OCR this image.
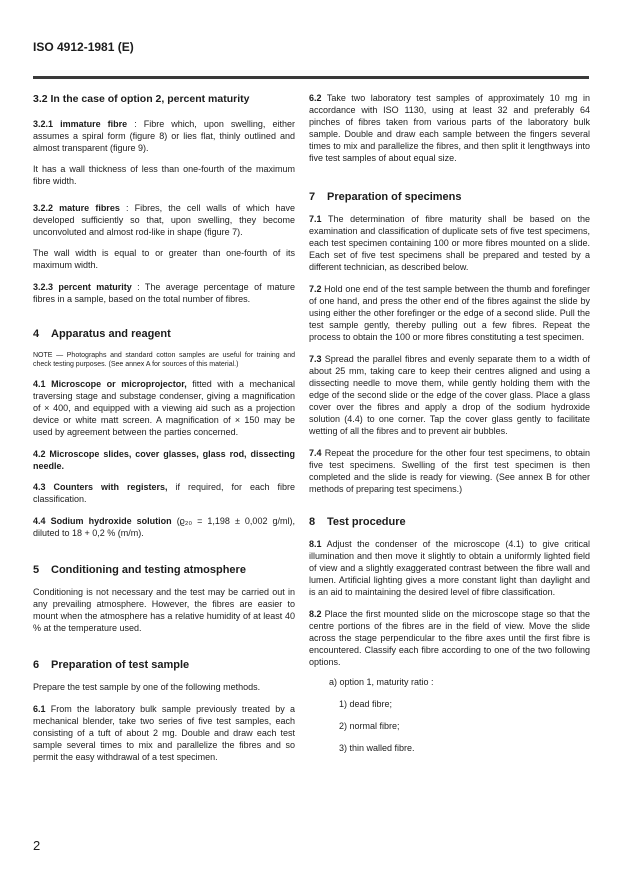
ISO 4912-1981 (E)
3.2 In the case of option 2, percent maturity

3.2.1 immature fibre : Fibre which, upon swelling, either assumes a spiral form (figure 8) or lies flat, thinly outlined and almost transparent (figure 9).

It has a wall thickness of less than one-fourth of the maximum fibre width.

3.2.2 mature fibres : Fibres, the cell walls of which have developed sufficiently so that, upon swelling, they become unconvoluted and almost rod-like in shape (figure 7).

The wall width is equal to or greater than one-fourth of its maximum width.

3.2.3 percent maturity : The average percentage of mature fibres in a sample, based on the total number of fibres.

4 Apparatus and reagent

NOTE — Photographs and standard cotton samples are useful for training and check testing purposes. (See annex A for sources of this material.)

4.1 Microscope or microprojector, fitted with a mechanical traversing stage and substage condenser, giving a magnification of × 400, and equipped with a viewing aid such as a projection device or white matt screen. A magnification of × 150 may be used by agreement between the parties concerned.

4.2 Microscope slides, cover glasses, glass rod, dissecting needle.

4.3 Counters with registers, if required, for each fibre classification.

4.4 Sodium hydroxide solution (ϱ₂₀ = 1,198 ± 0,002 g/ml), diluted to 18 + 0,2 % (m/m).

5 Conditioning and testing atmosphere

Conditioning is not necessary and the test may be carried out in any prevailing atmosphere. However, the fibres are easier to mount when the atmosphere has a relative humidity of at least 40 % at the temperature used.

6 Preparation of test sample

Prepare the test sample by one of the following methods.

6.1 From the laboratory bulk sample previously treated by a mechanical blender, take two series of five test samples, each consisting of a tuft of about 2 mg. Double and draw each test sample several times to mix and parallelize the fibres and so permit the easy withdrawal of a test specimen.

6.2 Take two laboratory test samples of approximately 10 mg in accordance with ISO 1130, using at least 32 and preferably 64 pinches of fibres taken from various parts of the laboratory bulk sample. Double and draw each sample between the fingers several times to mix and parallelize the fibres, and then split it lengthways into five test samples of about equal size.

7 Preparation of specimens

7.1 The determination of fibre maturity shall be based on the examination and classification of duplicate sets of five test specimens, each test specimen containing 100 or more fibres mounted on a slide. Each set of five test specimens shall be prepared and tested by a different technician, as described below.

7.2 Hold one end of the test sample between the thumb and forefinger of one hand, and press the other end of the fibres against the slide by using either the other forefinger or the edge of a second slide. Pull the test sample gently, thereby pulling out a few fibres. Repeat the process to obtain the 100 or more fibres constituting a test specimen.

7.3 Spread the parallel fibres and evenly separate them to a width of about 25 mm, taking care to keep their centres aligned and using a dissecting needle to move them, while gently holding them with the edge of the second slide or the edge of the cover glass. Place a glass cover over the fibres and apply a drop of the sodium hydroxide solution (4.4) to one corner. Tap the cover glass gently to facilitate wetting of all the fibres and to prevent air bubbles.

7.4 Repeat the procedure for the other four test specimens, to obtain five test specimens. Swelling of the first test specimen is then completed and the slide is ready for viewing. (See annex B for other methods of preparing test specimens.)

8 Test procedure

8.1 Adjust the condenser of the microscope (4.1) to give critical illumination and then move it slightly to obtain a uniformly lighted field of view and a slightly exaggerated contrast between the fibre wall and lumen. Artificial lighting gives a more constant light than daylight and is an aid to maintaining the desired level of fibre classification.

8.2 Place the first mounted slide on the microscope stage so that the centre portions of the fibres are in the field of view. Move the slide across the stage perpendicular to the fibre axes until the first fibre is encountered. Classify each fibre according to one of the two following options.

a) option 1, maturity ratio :
1) dead fibre;
2) normal fibre;
3) thin walled fibre.
2
